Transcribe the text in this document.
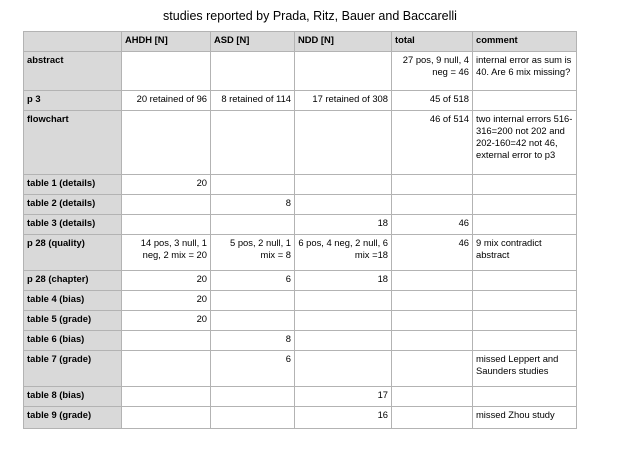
studies reported by Prada, Ritz, Bauer and Baccarelli
	AHDH [N]	ASD [N]	NDD [N]	total	comment
abstract				27 pos, 9 null, 4 neg = 46	internal error as sum is 40. Are 6 mix missing?
p 3	20 retained of 96	8 retained of 114	17 retained of 308	45 of 518	
flowchart				46 of 514	two internal errors 516-316=200 not 202 and 202-160=42 not 46, external error to p3
table 1 (details)	20				
table 2 (details)		8			
table 3 (details)			18	46	
p 28 (quality)	14 pos, 3 null, 1 neg, 2 mix = 20	5 pos, 2 null, 1 mix = 8	6 pos, 4 neg, 2 null, 6 mix =18	46	9 mix contradict abstract
p 28 (chapter)	20	6	18		
table 4 (bias)	20				
table 5 (grade)	20				
table 6 (bias)		8			
table 7 (grade)		6			missed Leppert and Saunders studies
table 8 (bias)			17		
table 9 (grade)			16		missed Zhou study
